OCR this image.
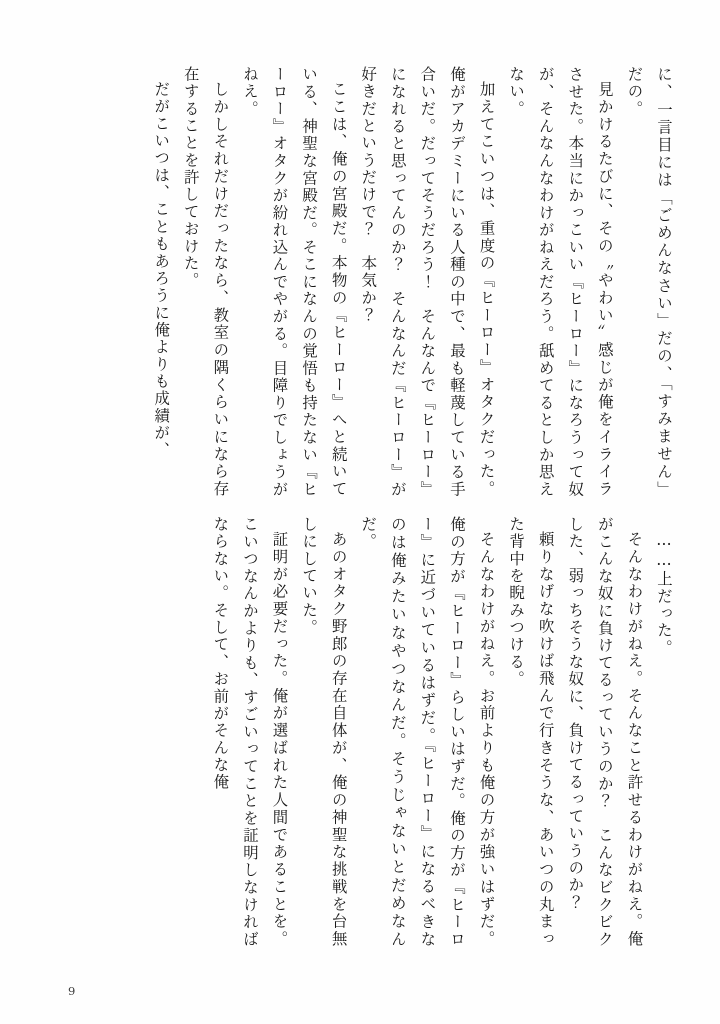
に、一言目には「ごめんなさい」だの、「すみません」だの。

見かけるたびに、その〝やわい〟感じが俺をイライラさせた。本当にかっこいい『ヒーロー』になろうって奴が、そんなんなわけがねえだろう。舐めてるとしか思えない。

加えてこいつは、重度の『ヒーロー』オタクだった。俺がアカデミーにいる人種の中で、最も軽蔑している手合いだ。だってそうだろう！　そんなんで『ヒーロー』になれると思ってんのか？　そんなんだ『ヒーロー』が好きだというだけで？　本気か？

ここは、俺の宮殿だ。本物の『ヒーロー』へと続いている、神聖な宮殿だ。そこになんの覚悟も持たない『ヒーロー』オタクが紛れ込んでやがる。目障りでしょうがねえ。

しかしそれだけだったなら、教室の隅くらいになら存在することを許しておけた。

だがこいつは、こともあろうに俺よりも成績が、

……上だった。

そんなわけがねえ。そんなこと許せるわけがねえ。俺がこんな奴に負けてるっていうのか？　こんなビクビクした、弱っちそうな奴に、負けてるっていうのか？

頼りなげな吹けば飛んで行きそうな、あいつの丸まった背中を睨みつける。

そんなわけがねえ。お前よりも俺の方が強いはずだ。俺の方が『ヒーロー』らしいはずだ。俺の方が『ヒーロー』に近づいているはずだ。『ヒーロー』になるべきなのは俺みたいなやつなんだ。そうじゃないとだめなんだ。

あのオタク野郎の存在自体が、俺の神聖な挑戦を台無しにしていた。

証明が必要だった。俺が選ばれた人間であることを。こいつなんかよりも、すごいってことを証明しなければならない。そして、お前がそんな俺

9
